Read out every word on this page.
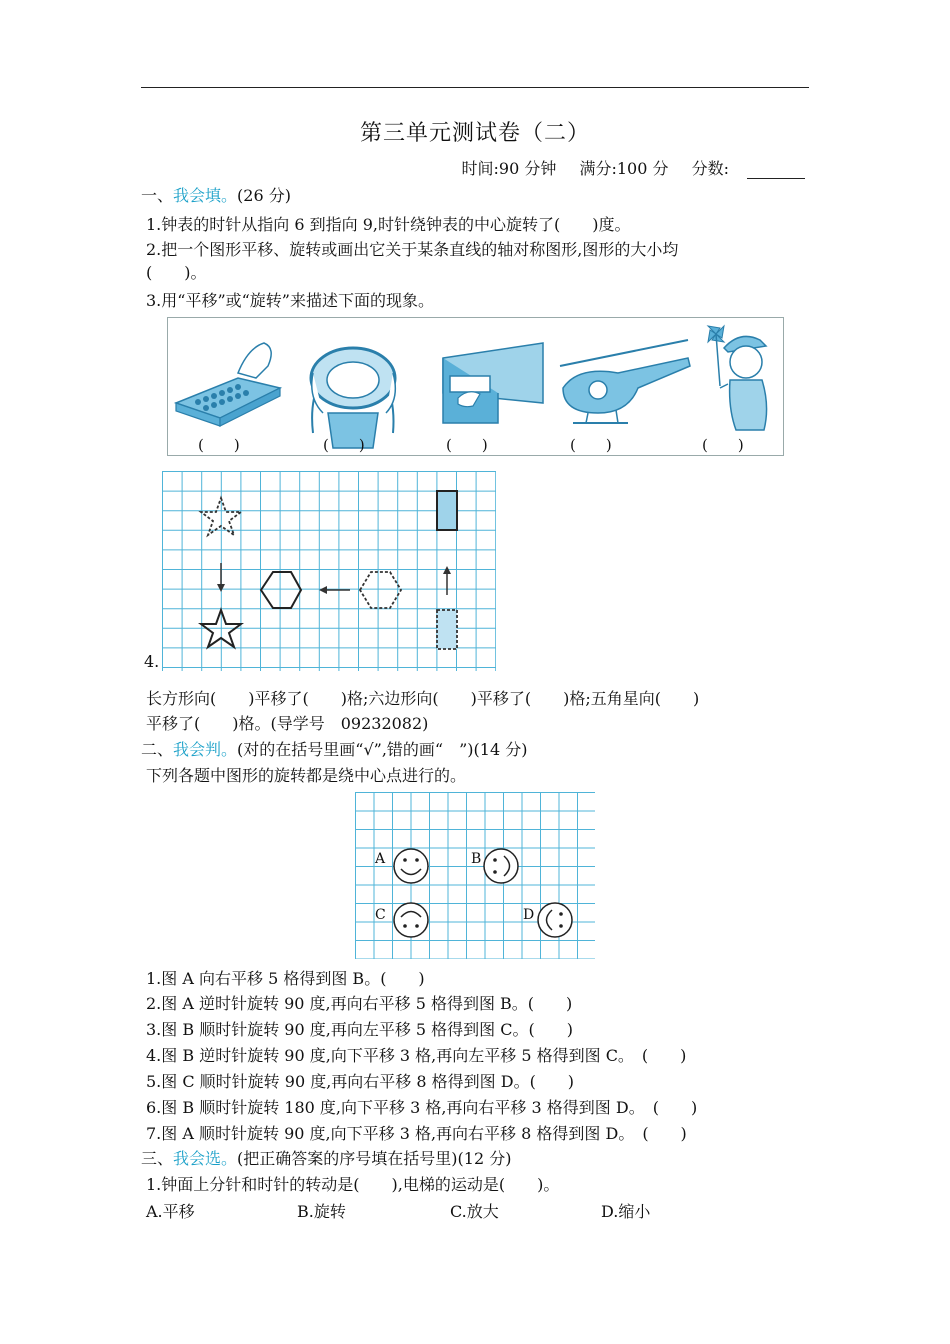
第三单元测试卷（二）
时间:90 分钟 满分:100 分 分数:
一、我会填。(26 分)
1.钟表的时针从指向 6 到指向 9,时针绕钟表的中心旋转了(　　)度。
2.把一个图形平移、旋转或画出它关于某条直线的轴对称图形,图形的大小均
(　　)。
3.用“平移”或“旋转”来描述下面的现象。
(　　)	(　　)	(　　)	(　　)	(　　)
4.
长方形向(　　)平移了(　　)格;六边形向(　　)平移了(　　)格;五角星向(　　)
平移了(　　)格。(导学号　09232082)
二、我会判。(对的在括号里画“√”,错的画“　”)(14 分)
下列各题中图形的旋转都是绕中心点进行的。
A	B
C	D
1.图 A 向右平移 5 格得到图 B。(　　)
2.图 A 逆时针旋转 90 度,再向右平移 5 格得到图 B。(　　)
3.图 B 顺时针旋转 90 度,再向左平移 5 格得到图 C。(　　)
4.图 B 逆时针旋转 90 度,向下平移 3 格,再向左平移 5 格得到图 C。　(　　)
5.图 C 顺时针旋转 90 度,再向右平移 8 格得到图 D。(　　)
6.图 B 顺时针旋转 180 度,向下平移 3 格,再向右平移 3 格得到图 D。　(　　)
7.图 A 顺时针旋转 90 度,向下平移 3 格,再向右平移 8 格得到图 D。　(　　)
三、我会选。(把正确答案的序号填在括号里)(12 分)
1.钟面上分针和时针的转动是(　　),电梯的运动是(　　)。
A.平移	B.旋转	C.放大	D.缩小
